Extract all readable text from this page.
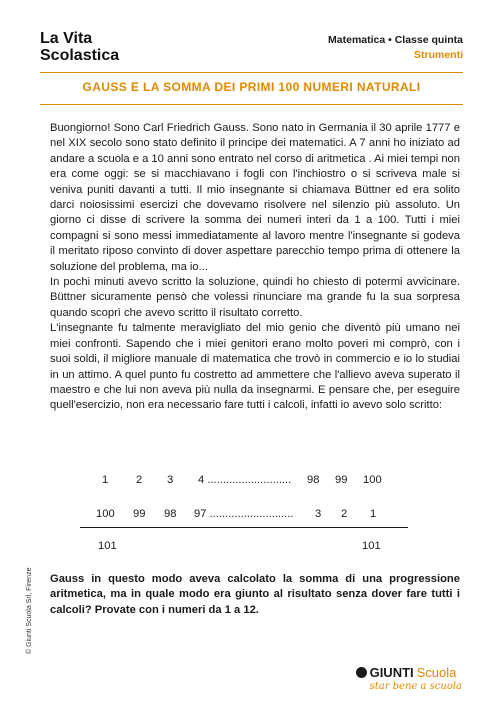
La Vita
Scolastica
Matematica • Classe quinta
Strumenti
GAUSS E LA SOMMA DEI PRIMI 100 NUMERI NATURALI

Buongiorno! Sono Carl Friedrich Gauss. Sono nato in Germania il 30 aprile 1777 e nel XIX secolo sono stato definito il principe dei matematici. A 7 anni ho iniziato ad andare a scuola e a 10 anni sono entrato nel corso di aritmetica . Ai miei tempi non era come oggi: se si macchiavano i fogli con l'inchiostro o si scriveva male si veniva puniti davanti a tutti. Il mio insegnante si chiamava Büttner ed era solito darci noiosissimi esercizi che dovevamo risolvere nel silenzio più assoluto. Un giorno ci disse di scrivere la somma dei numeri interi da 1 a 100. Tutti i miei compagni si sono messi immediatamente al lavoro mentre l'insegnante si godeva il meritato riposo convinto di dover aspettare parecchio tempo prima di ottenere la soluzione del problema, ma io...

In pochi minuti avevo scritto la soluzione, quindi ho chiesto di potermi avvicinare. Büttner sicuramente pensò che volessi rinunciare ma grande fu la sua sorpresa quando scoprì che avevo scritto il risultato corretto.

L'insegnante fu talmente meravigliato del mio genio che diventò più umano nei miei confronti. Sapendo che i miei genitori erano molto poveri mi comprò, con i suoi soldi, il migliore manuale di matematica che trovò in commercio e io lo studiai in un attimo. A quel punto fu costretto ad ammettere che l'allievo aveva superato il maestro e che lui non aveva più nulla da insegnarmi. E pensare che, per eseguire quell'esercizio, non era necessario fare tutti i calcoli, infatti io avevo solo scritto:

1 2 3 4 ........................... 98 99 100
100 99 98 97 ........................... 3 2 1
101	101

Gauss in questo modo aveva calcolato la somma di una progressione aritmetica, ma in quale modo era giunto al risultato senza dover fare tutti i calcoli? Provate con i numeri da 1 a 12.

© Giunti Scuola Srl, Firenze
GIUNTI Scuola
star bene a scuola
